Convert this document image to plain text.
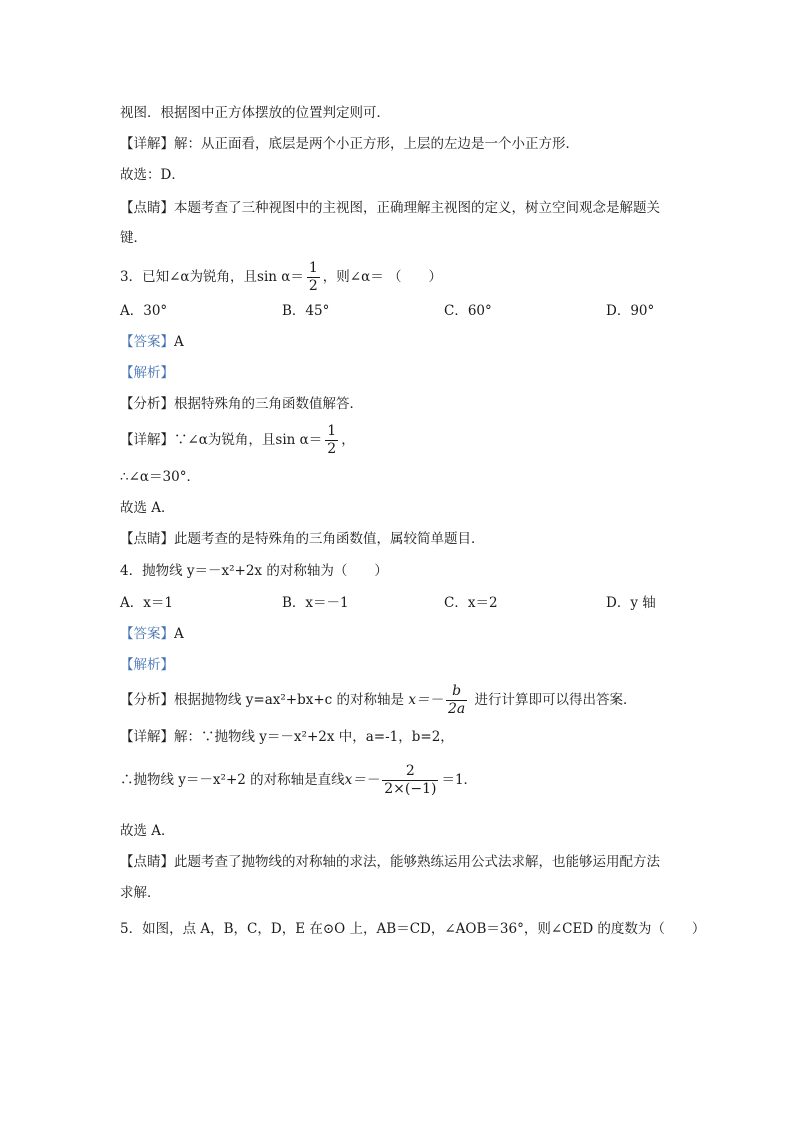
视图．根据图中正方体摆放的位置判定则可．
【详解】解：从正面看，底层是两个小正方形，上层的左边是一个小正方形．
故选：D．
【点睛】本题考查了三种视图中的主视图，正确理解主视图的定义，树立空间观念是解题关
键．
3．已知∠α为锐角，且$\sin \alpha= \frac{1}{2}$ ，则∠α＝ （　　）
A．30°	B．45°	C．60°	D．90°
【答案】A
【解析】
【分析】根据特殊角的三角函数值解答．
【详解】∵∠α为锐角，且$\sin \alpha= \frac{1}{2}$ ，
∴∠α＝30°．
故选 A．
【点睛】此题考查的是特殊角的三角函数值，属较简单题目．
4．抛物线 y＝－x²+2x 的对称轴为（　　）
A．x＝1	B．x＝－1	C．x＝2	D．y 轴
【答案】A
【解析】
【分析】根据抛物线 y=ax²+bx+c 的对称轴是 $x=- \frac{b}{2a}$ 进行计算即可以得出答案．
【详解】解：∵抛物线 y＝－x²+2x 中，a=-1，b=2，
∴抛物线 y＝－x²+2 的对称轴是直线$x=- \frac{2}{2\times(-1)} =1$．
故选 A．
【点睛】此题考查了抛物线的对称轴的求法，能够熟练运用公式法求解，也能够运用配方法
求解．
5．如图，点 A，B，C，D，E 在⊙O 上，AB＝CD，∠AOB＝36°，则∠CED 的度数为（　　）
